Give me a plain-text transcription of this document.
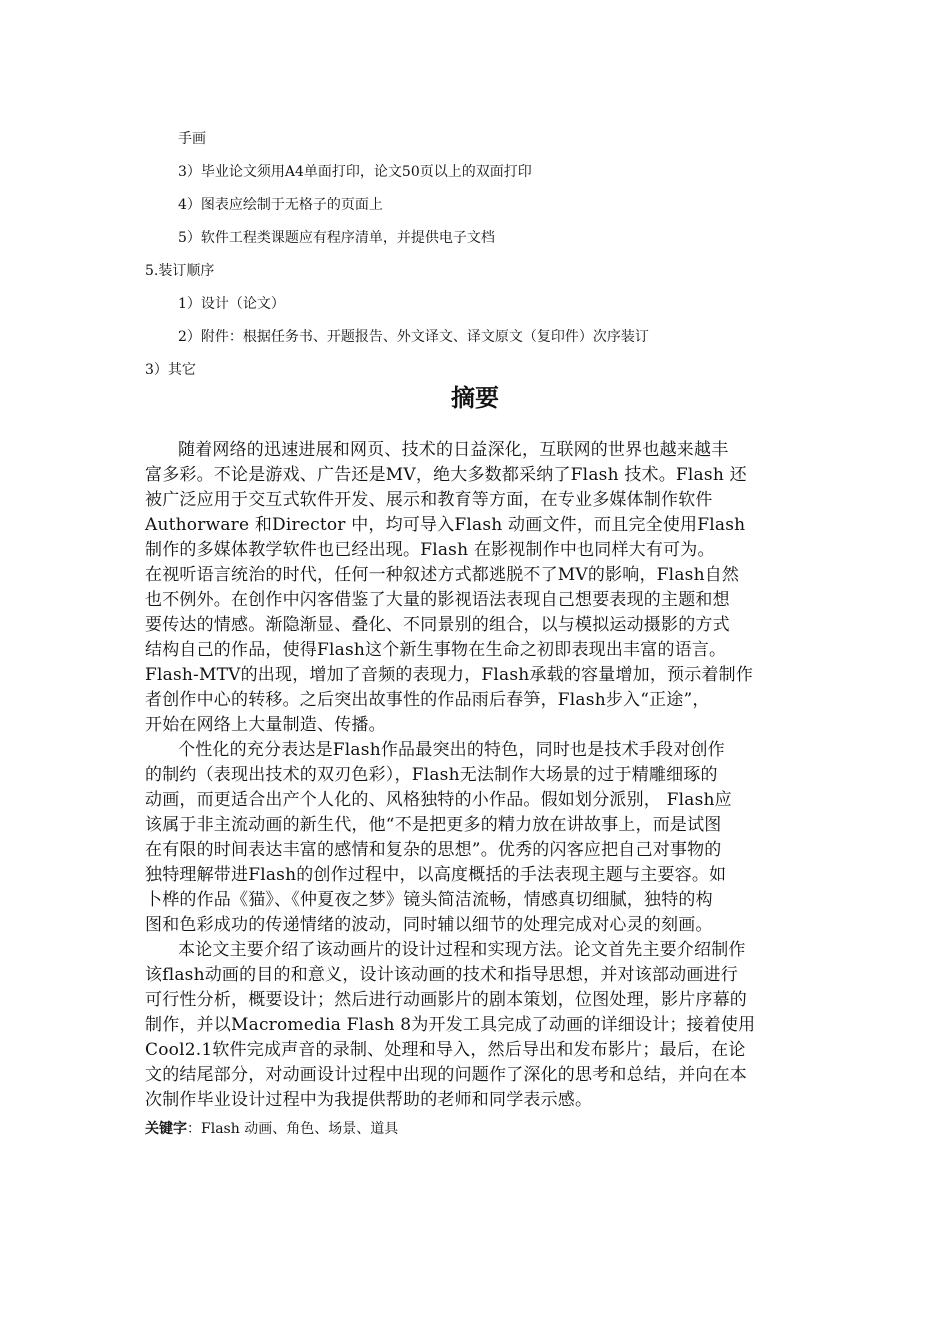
手画
3）毕业论文须用A4单面打印，论文50页以上的双面打印
4）图表应绘制于无格子的页面上
5）软件工程类课题应有程序清单，并提供电子文档
5.装订顺序
1）设计（论文）
2）附件：根据任务书、开题报告、外文译文、译文原文（复印件）次序装订
3）其它
摘要
随着网络的迅速进展和网页、技术的日益深化，互联网的世界也越来越丰
富多彩。不论是游戏、广告还是MV，绝大多数都采纳了Flash 技术。Flash 还
被广泛应用于交互式软件开发、展示和教育等方面，在专业多媒体制作软件
Authorware 和Director 中，均可导入Flash 动画文件，而且完全使用Flash
制作的多媒体教学软件也已经出现。Flash 在影视制作中也同样大有可为。
在视听语言统治的时代，任何一种叙述方式都逃脱不了MV的影响，Flash自然
也不例外。在创作中闪客借鉴了大量的影视语法表现自己想要表现的主题和想
要传达的情感。渐隐渐显、叠化、不同景别的组合，以与模拟运动摄影的方式
结构自己的作品，使得Flash这个新生事物在生命之初即表现出丰富的语言。
Flash-MTV的出现，增加了音频的表现力，Flash承载的容量增加，预示着制作
者创作中心的转移。之后突出故事性的作品雨后春笋，Flash步入“正途”，
开始在网络上大量制造、传播。
个性化的充分表达是Flash作品最突出的特色，同时也是技术手段对创作
的制约（表现出技术的双刃色彩），Flash无法制作大场景的过于精雕细琢的
动画，而更适合出产个人化的、风格独特的小作品。假如划分派别， Flash应
该属于非主流动画的新生代，他“不是把更多的精力放在讲故事上，而是试图
在有限的时间表达丰富的感情和复杂的思想”。优秀的闪客应把自己对事物的
独特理解带进Flash的创作过程中，以高度概括的手法表现主题与主要容。如
卜桦的作品《猫》、《仲夏夜之梦》镜头简洁流畅，情感真切细腻，独特的构
图和色彩成功的传递情绪的波动，同时辅以细节的处理完成对心灵的刻画。
本论文主要介绍了该动画片的设计过程和实现方法。论文首先主要介绍制作
该flash动画的目的和意义，设计该动画的技术和指导思想，并对该部动画进行
可行性分析，概要设计；然后进行动画影片的剧本策划，位图处理，影片序幕的
制作，并以Macromedia Flash 8为开发工具完成了动画的详细设计；接着使用
Cool2.1软件完成声音的录制、处理和导入，然后导出和发布影片；最后，在论
文的结尾部分，对动画设计过程中出现的问题作了深化的思考和总结，并向在本
次制作毕业设计过程中为我提供帮助的老师和同学表示感。
关键字：Flash 动画、角色、场景、道具
